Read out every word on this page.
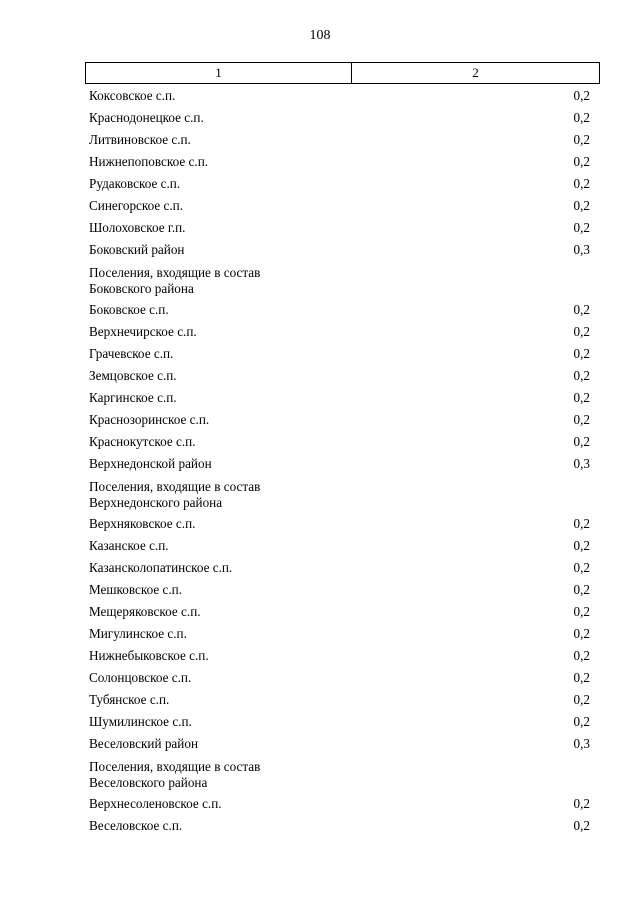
108
1	2
Коксовское с.п.	0,2
Краснодонецкое с.п.	0,2
Литвиновское с.п.	0,2
Нижнепоповское с.п.	0,2
Рудаковское с.п.	0,2
Синегорское с.п.	0,2
Шолоховское г.п.	0,2
Боковский район	0,3
Поселения, входящие в состав
Боковского района
Боковское с.п.	0,2
Верхнечирское с.п.	0,2
Грачевское с.п.	0,2
Земцовское с.п.	0,2
Каргинское с.п.	0,2
Краснозоринское с.п.	0,2
Краснокутское с.п.	0,2
Верхнедонской район	0,3
Поселения, входящие в состав
Верхнедонского района
Верхняковское с.п.	0,2
Казанское с.п.	0,2
Казансколопатинское с.п.	0,2
Мешковское с.п.	0,2
Мещеряковское с.п.	0,2
Мигулинское с.п.	0,2
Нижнебыковское с.п.	0,2
Солонцовское с.п.	0,2
Тубянское с.п.	0,2
Шумилинское с.п.	0,2
Веселовский район	0,3
Поселения, входящие в состав
Веселовского района
Верхнесоленовское с.п.	0,2
Веселовское с.п.	0,2
